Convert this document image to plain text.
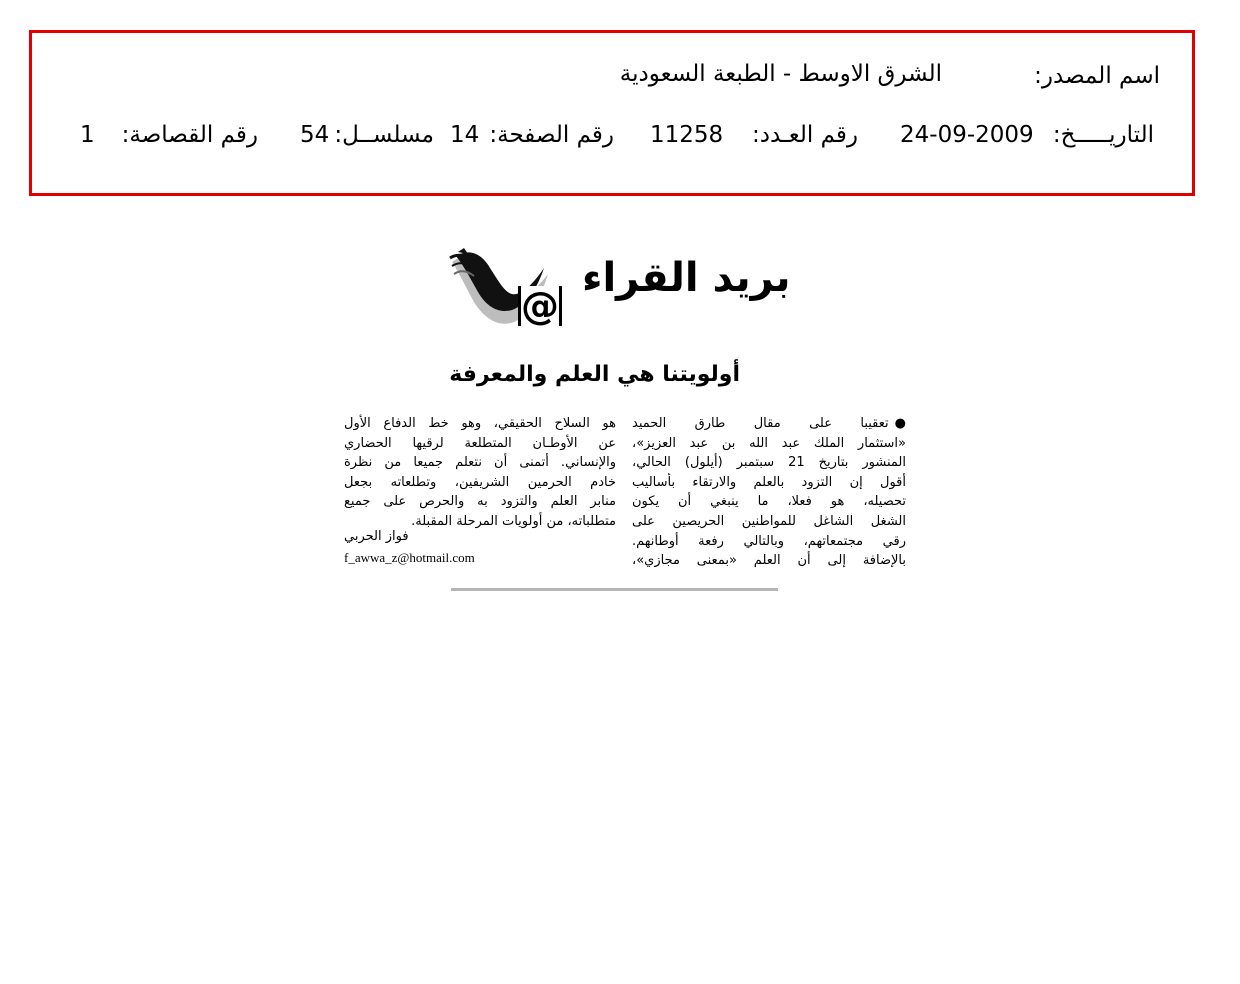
اسم المصدر:
الشرق الاوسط - الطبعة السعودية
التاريـــــخ:
24-09-2009
رقم العـدد:
11258
رقم الصفحة:
14
مسلســل:
54
رقم القصاصة:
1
بريد القراء
@
أولويتنا هي العلم والمعرفة
●تعقيبا على مقال طارق الحميد
«استثمار الملك عبد الله بن عبد العزيز»،
المنشور بتاريخ 21 سبتمبر (أيلول) الحالي،
أقول إن التزود بالعلم والارتقاء بأساليب
تحصيله، هو فعلا، ما ينبغي أن يكون
الشغل الشاغل للمواطنين الحريصين على
رقي مجتمعاتهم، وبالتالي رفعة أوطانهم.
بالإضافة إلى أن العلم «بمعنى مجازي»،
هو السلاح الحقيقي، وهو خط الدفاع الأول
عن الأوطـان المتطلعة لرقيها الحضاري
والإنساني. أتمنى أن نتعلم جميعا من نظرة
خادم الحرمين الشريفين، وتطلعاته بجعل
منابر العلم والتزود به والحرص على جميع
متطلباته، من أولويات المرحلة المقبلة.
فواز الحربي
f_awwa_z@hotmail.com
